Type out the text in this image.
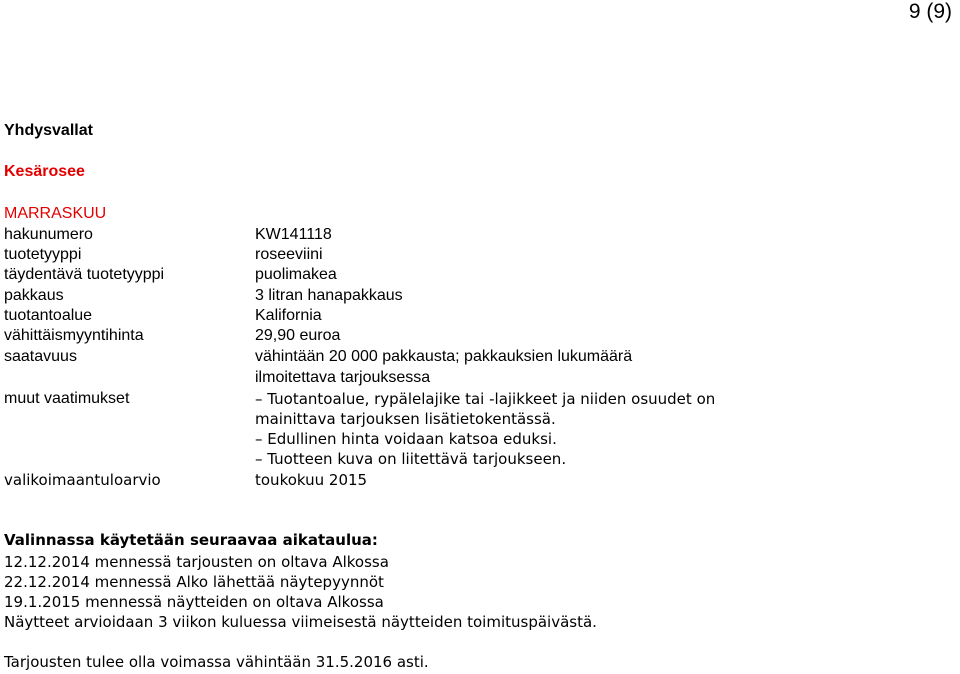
9 (9)
Yhdysvallat
Kesärosee
MARRASKUU
hakunumero	KW141118
tuotetyyppi	roseeviini
täydentävä tuotetyyppi	puolimakea
pakkaus	3 litran hanapakkaus
tuotantoalue	Kalifornia
vähittäismyyntihinta	29,90 euroa
saatavuus	vähintään 20 000 pakkausta; pakkauksien lukumäärä
ilmoitettava tarjouksessa
muut vaatimukset	– Tuotantoalue, rypälelajike tai -lajikkeet ja niiden osuudet on
mainittava tarjouksen lisätietokentässä.
– Edullinen hinta voidaan katsoa eduksi.
– Tuotteen kuva on liitettävä tarjoukseen.
valikoimaantuloarvio	toukokuu 2015
Valinnassa käytetään seuraavaa aikataulua:
12.12.2014 mennessä tarjousten on oltava Alkossa
22.12.2014 mennessä Alko lähettää näytepyynnöt
19.1.2015 mennessä näytteiden on oltava Alkossa
Näytteet arvioidaan 3 viikon kuluessa viimeisestä näytteiden toimituspäivästä.
Tarjousten tulee olla voimassa vähintään 31.5.2016 asti.
